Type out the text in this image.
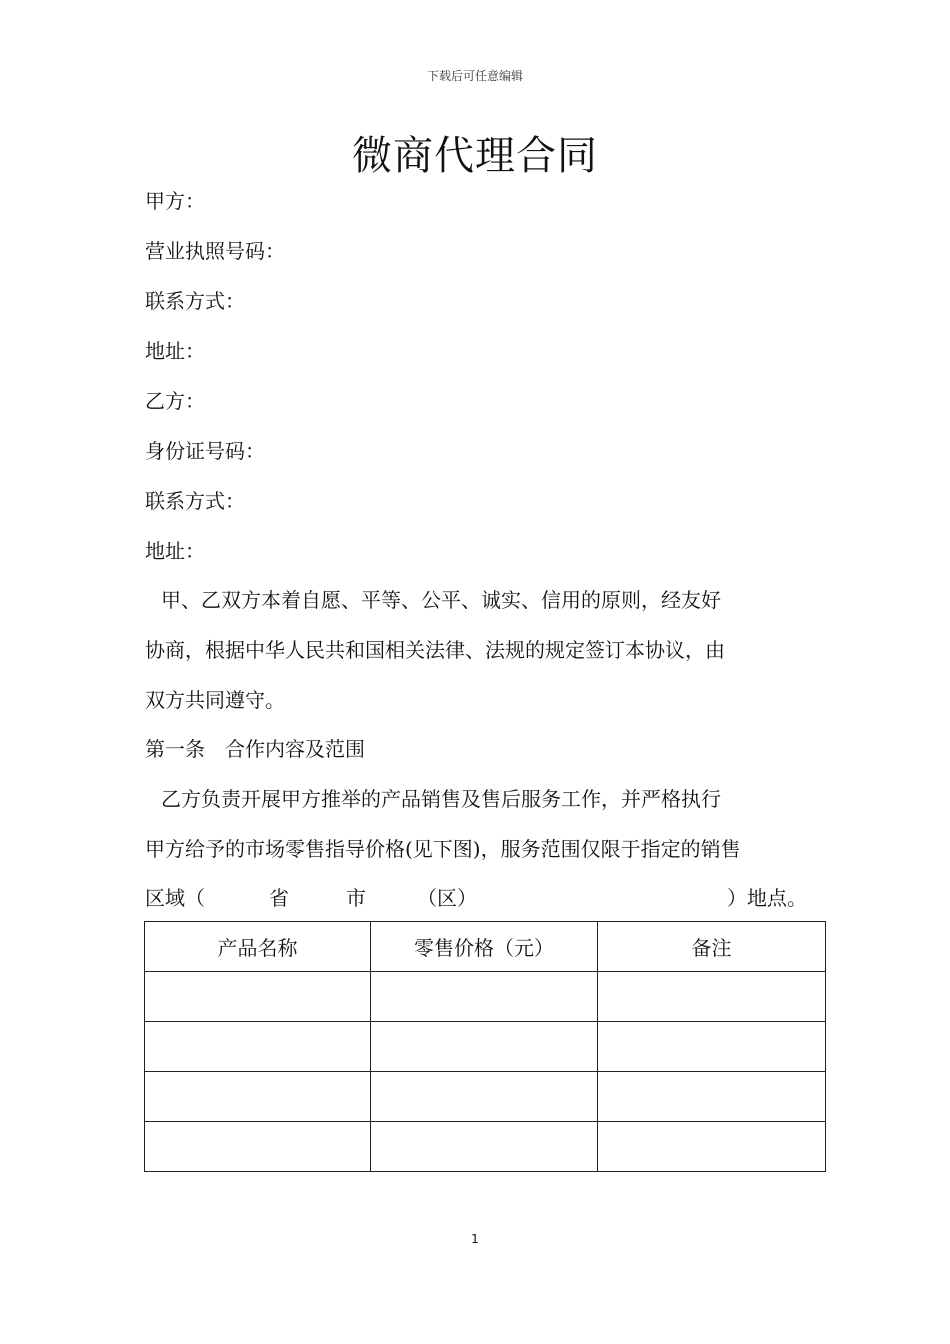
下载后可任意编辑
微商代理合同
甲方：
营业执照号码：
联系方式：
地址：
乙方：
身份证号码：
联系方式：
地址：
甲、乙双方本着自愿、平等、公平、诚实、信用的原则，经友好
协商，根据中华人民共和国相关法律、法规的规定签订本协议，由
双方共同遵守。
第一条　合作内容及范围
乙方负责开展甲方推举的产品销售及售后服务工作，并严格执行
甲方给予的市场零售指导价格(见下图)，服务范围仅限于指定的销售
区域（	省	市	（区）	）地点。
产品名称	零售价格（元）	备注

1
